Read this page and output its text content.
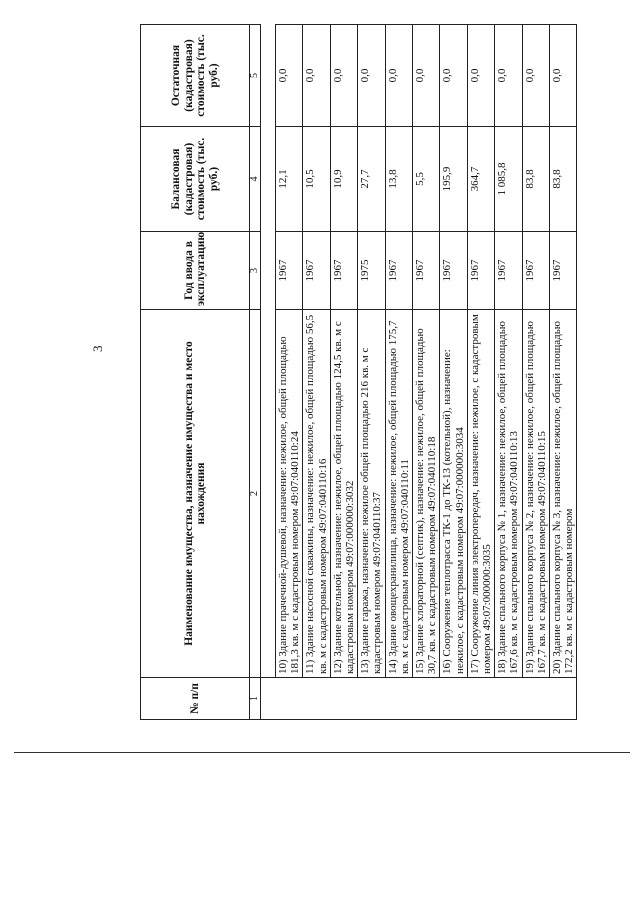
3
№ п/п	Наименование имущества, назначение имущества и место нахождения	Год ввода в эксплуатацию	Балансовая (кадастровая) стоимость (тыс. руб.)	Остаточная (кадастровая) стоимость (тыс. руб.)
1	2	3	4	5

	10) Здание прачечной-душевой, назначение: нежилое, общей площадью 181,3 кв. м с кадастровым номером 49:07:040110:24	1967	12,1	0,0
	11) Здание насосной скважины, назначение: нежилое, общей площадью 56,5 кв. м с кадастровым номером 49:07:040110:16	1967	10,5	0,0
	12) Здание котельной, назначение: нежилое, общей площадью 124,5 кв. м с кадастровым номером 49:07:000000:3032	1967	10,9	0,0
	13) Здание гаража, назначение: нежилое общей площадью 216 кв. м с кадастровым номером 49:07:040110:37	1975	27,7	0,0
	14) Здание овощехранилища, назначение: нежилое, общей площадью 175,7 кв. м с кадастровым номером 49:07:040110:11	1967	13,8	0,0
	15) Здание хлораторной (септик), назначение: нежилое, общей площадью 30,7 кв. м с кадастровым номером 49:07:040110:18	1967	5,5	0,0
	16) Сооружение теплотрасса ТК-1 до ТК-13 (котельной), назначение: нежилое, с кадастровым номером 49:07:000000:3034	1967	195,9	0,0
	17) Сооружение линия электропередач, назначение: нежилое, с кадастровым номером 49:07:000000:3035	1967	364,7	0,0
	18) Здание спального корпуса № 1, назначение: нежилое, общей площадью 167,6 кв. м с кадастровым номером 49:07:040110:13	1967	1 085,8	0,0
	19) Здание спального корпуса № 2, назначение: нежилое, общей площадью 167,7 кв. м с кадастровым номером 49:07:040110:15	1967	83,8	0,0
	20) Здание спального корпуса № 3, назначение: нежилое, общей площадью 172,2 кв. м с кадастровым номером	1967	83,8	0,0
